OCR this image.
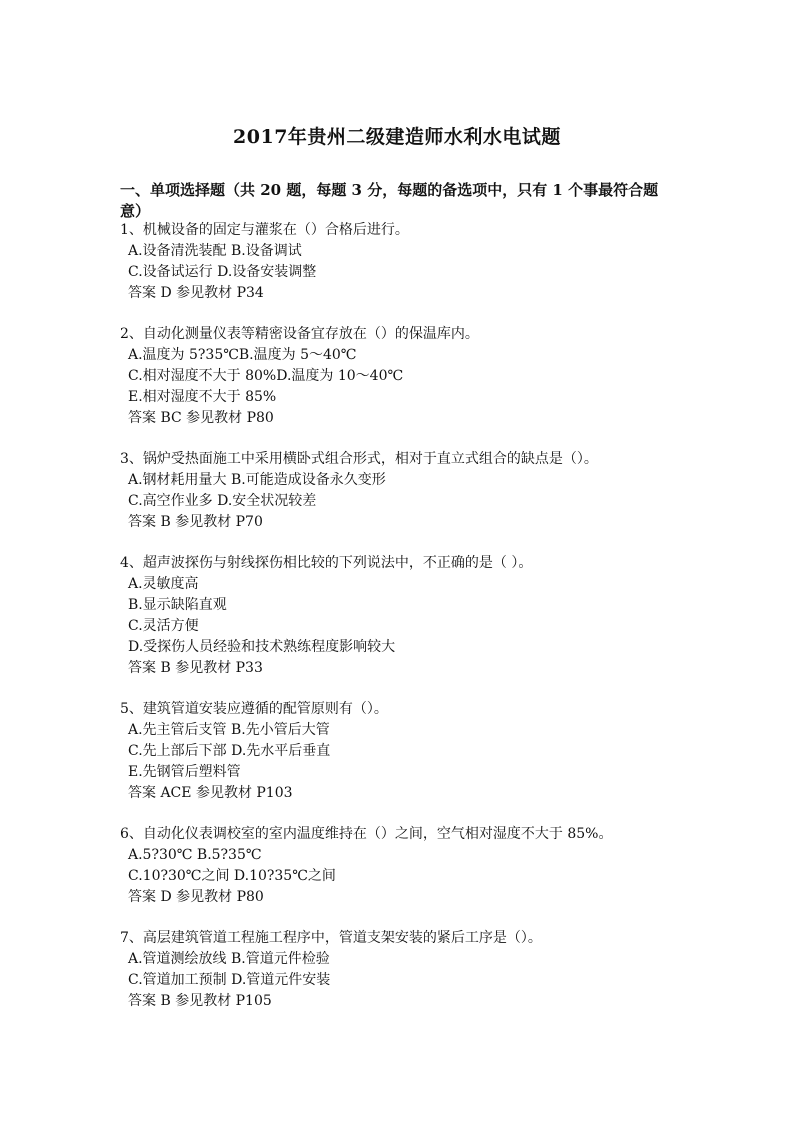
2017年贵州二级建造师水利水电试题
一、单项选择题（共 20 题，每题 3 分，每题的备选项中，只有 1 个事最符合题意）
1、机械设备的固定与灌浆在（）合格后进行。
A.设备清洗装配 B.设备调试
C.设备试运行 D.设备安装调整
答案 D 参见教材 P34
2、自动化测量仪表等精密设备宜存放在（）的保温库内。
A.温度为 5?35℃B.温度为 5～40℃
C.相对湿度不大于 80%D.温度为 10～40℃
E.相对湿度不大于 85%
答案 BC 参见教材 P80
3、锅炉受热面施工中采用横卧式组合形式，相对于直立式组合的缺点是（）。
A.钢材耗用量大 B.可能造成设备永久变形
C.高空作业多 D.安全状况较差
答案 B 参见教材 P70
4、超声波探伤与射线探伤相比较的下列说法中，不正确的是（ ）。
A.灵敏度高
B.显示缺陷直观
C.灵活方便
D.受探伤人员经验和技术熟练程度影响较大
答案 B 参见教材 P33
5、建筑管道安装应遵循的配管原则有（）。
A.先主管后支管 B.先小管后大管
C.先上部后下部 D.先水平后垂直
E.先钢管后塑料管
答案 ACE 参见教材 P103
6、自动化仪表调校室的室内温度维持在（）之间，空气相对湿度不大于 85%。
A.5?30℃ B.5?35℃
C.10?30℃之间 D.10?35℃之间
答案 D 参见教材 P80
7、高层建筑管道工程施工程序中，管道支架安装的紧后工序是（）。
A.管道测绘放线 B.管道元件检验
C.管道加工预制 D.管道元件安装
答案 B 参见教材 P105
